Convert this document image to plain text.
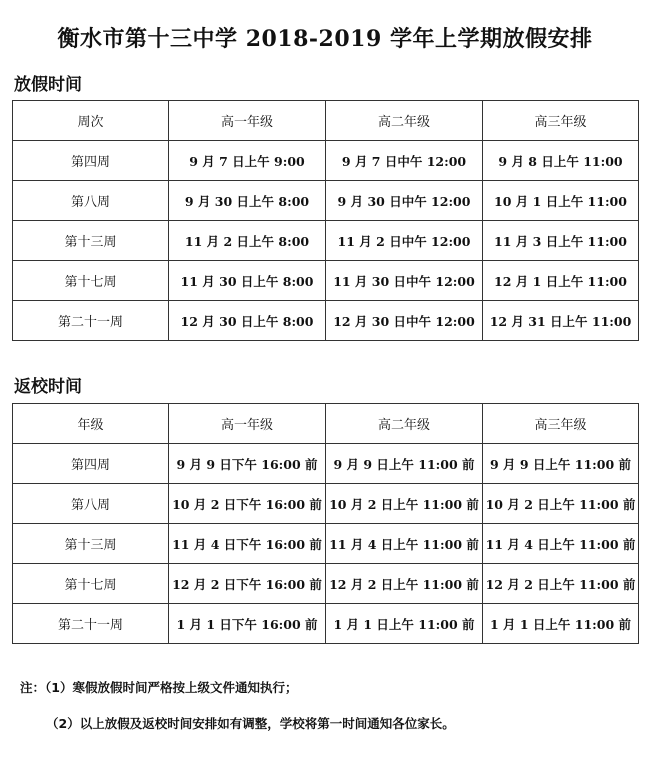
衡水市第十三中学 2018-2019 学年上学期放假安排
放假时间
周次	高一年级	高二年级	高三年级
第四周	9 月 7 日上午 9:00	9 月 7 日中午 12:00	9 月 8 日上午 11:00
第八周	9 月 30 日上午 8:00	9 月 30 日中午 12:00	10 月 1 日上午 11:00
第十三周	11 月 2 日上午 8:00	11 月 2 日中午 12:00	11 月 3 日上午 11:00
第十七周	11 月 30 日上午 8:00	11 月 30 日中午 12:00	12 月 1 日上午 11:00
第二十一周	12 月 30 日上午 8:00	12 月 30 日中午 12:00	12 月 31 日上午 11:00
返校时间
年级	高一年级	高二年级	高三年级
第四周	9 月 9 日下午 16:00 前	9 月 9 日上午 11:00 前	9 月 9 日上午 11:00 前
第八周	10 月 2 日下午 16:00 前	10 月 2 日上午 11:00 前	10 月 2 日上午 11:00 前
第十三周	11 月 4 日下午 16:00 前	11 月 4 日上午 11:00 前	11 月 4 日上午 11:00 前
第十七周	12 月 2 日下午 16:00 前	12 月 2 日上午 11:00 前	12 月 2 日上午 11:00 前
第二十一周	1 月 1 日下午 16:00 前	1 月 1 日上午 11:00 前	1 月 1 日上午 11:00 前
注：（1）寒假放假时间严格按上级文件通知执行；
（2）以上放假及返校时间安排如有调整，学校将第一时间通知各位家长。
